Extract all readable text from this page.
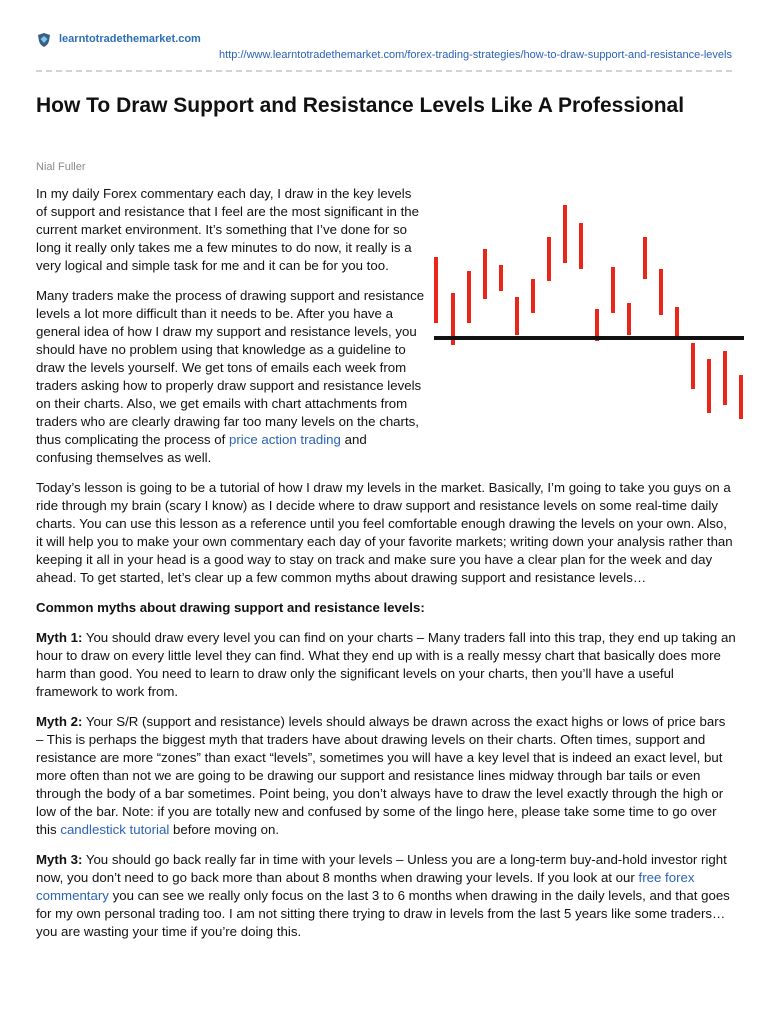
learntotradethemarket.com
http://www.learntotradethemarket.com/forex-trading-strategies/how-to-draw-support-and-resistance-levels
How To Draw Support and Resistance Levels Like A Professional
Nial Fuller

In my daily Forex commentary each day, I draw in the key levels of support and resistance that I feel are the most significant in the current market environment. It’s something that I’ve done for so long it really only takes me a few minutes to do now, it really is a very logical and simple task for me and it can be for you too.

Many traders make the process of drawing support and resistance levels a lot more difficult than it needs to be. After you have a general idea of how I draw my support and resistance levels, you should have no problem using that knowledge as a guideline to draw the levels yourself. We get tons of emails each week from traders asking how to properly draw support and resistance levels on their charts. Also, we get emails with chart attachments from traders who are clearly drawing far too many levels on the charts, thus complicating the process of price action trading and confusing themselves as well.

Today’s lesson is going to be a tutorial of how I draw my levels in the market. Basically, I’m going to take you guys on a ride through my brain (scary I know) as I decide where to draw support and resistance levels on some real-time daily charts. You can use this lesson as a reference until you feel comfortable enough drawing the levels on your own. Also, it will help you to make your own commentary each day of your favorite markets; writing down your analysis rather than keeping it all in your head is a good way to stay on track and make sure you have a clear plan for the week and day ahead. To get started, let’s clear up a few common myths about drawing support and resistance levels…

Common myths about drawing support and resistance levels:

Myth 1: You should draw every level you can find on your charts – Many traders fall into this trap, they end up taking an hour to draw on every little level they can find. What they end up with is a really messy chart that basically does more harm than good. You need to learn to draw only the significant levels on your charts, then you’ll have a useful framework to work from.

Myth 2: Your S/R (support and resistance) levels should always be drawn across the exact highs or lows of price bars – This is perhaps the biggest myth that traders have about drawing levels on their charts. Often times, support and resistance are more “zones” than exact “levels”, sometimes you will have a key level that is indeed an exact level, but more often than not we are going to be drawing our support and resistance lines midway through bar tails or even through the body of a bar sometimes. Point being, you don’t always have to draw the level exactly through the high or low of the bar. Note: if you are totally new and confused by some of the lingo here, please take some time to go over this candlestick tutorial before moving on.

Myth 3: You should go back really far in time with your levels – Unless you are a long-term buy-and-hold investor right now, you don’t need to go back more than about 8 months when drawing your levels. If you look at our free forex commentary you can see we really only focus on the last 3 to 6 months when drawing in the daily levels, and that goes for my own personal trading too. I am not sitting there trying to draw in levels from the last 5 years like some traders…you are wasting your time if you’re doing this.
